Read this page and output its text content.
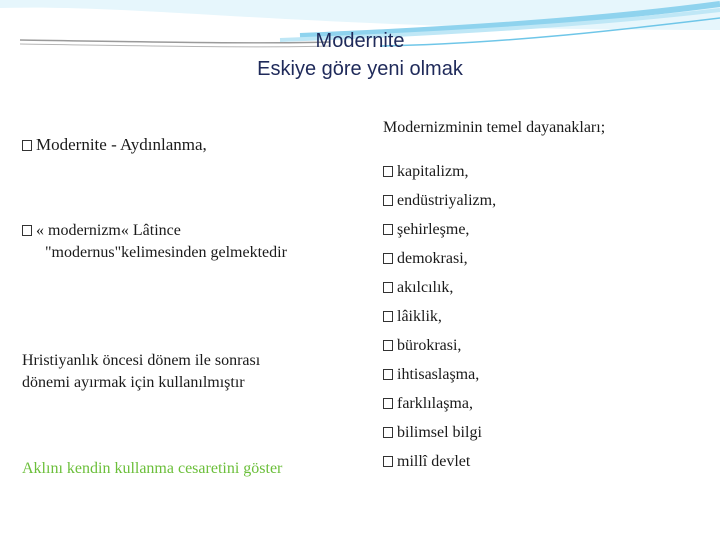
Modernite
Eskiye göre yeni olmak
Modernite - Aydınlanma,
« modernizm« Lâtince
"modernus"kelimesinden gelmektedir
Hristiyanlık öncesi dönem ile sonrası
dönemi ayırmak için kullanılmıştır
Aklını kendin kullanma cesaretini göster
Modernizminin temel dayanakları;
kapitalizm,
endüstriyalizm,
şehirleşme,
demokrasi,
akılcılık,
lâiklik,
bürokrasi,
ihtisaslaşma,
farklılaşma,
bilimsel bilgi
millî devlet
